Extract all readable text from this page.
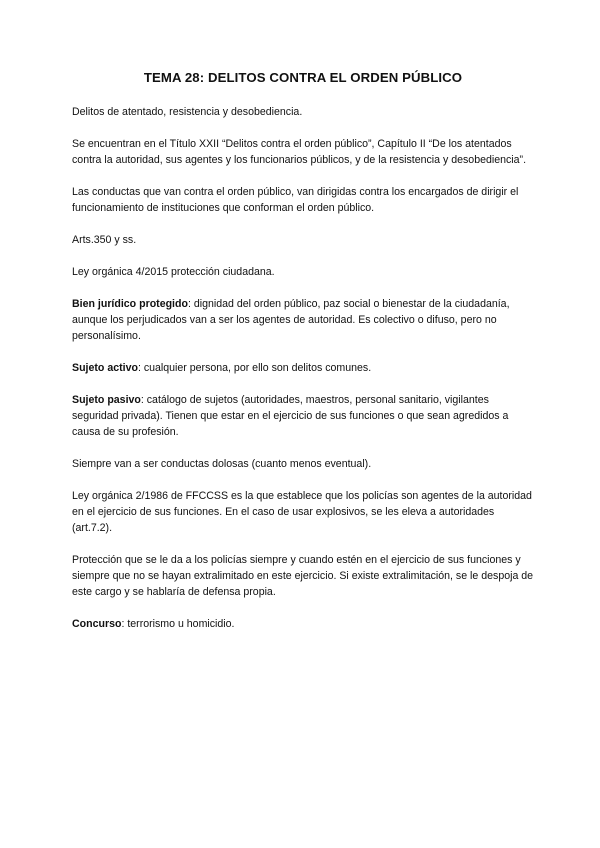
TEMA 28: DELITOS CONTRA EL ORDEN PÚBLICO

Delitos de atentado, resistencia y desobediencia.

Se encuentran en el Título XXII “Delitos contra el orden público”, Capítulo II “De los atentados contra la autoridad, sus agentes y los funcionarios públicos, y de la resistencia y desobediencia”.

Las conductas que van contra el orden público, van dirigidas contra los encargados de dirigir el funcionamiento de instituciones que conforman el orden público.

Arts.350 y ss.

Ley orgánica 4/2015 protección ciudadana.

Bien jurídico protegido: dignidad del orden público, paz social o bienestar de la ciudadanía, aunque los perjudicados van a ser los agentes de autoridad. Es colectivo o difuso, pero no personalísimo.

Sujeto activo: cualquier persona, por ello son delitos comunes.

Sujeto pasivo: catálogo de sujetos (autoridades, maestros, personal sanitario, vigilantes seguridad privada). Tienen que estar en el ejercicio de sus funciones o que sean agredidos a causa de su profesión.

Siempre van a ser conductas dolosas (cuanto menos eventual).

Ley orgánica 2/1986 de FFCCSS es la que establece que los policías son agentes de la autoridad en el ejercicio de sus funciones. En el caso de usar explosivos, se les eleva a autoridades (art.7.2).

Protección que se le da a los policías siempre y cuando estén en el ejercicio de sus funciones y siempre que no se hayan extralimitado en este ejercicio. Si existe extralimitación, se le despoja de este cargo y se hablaría de defensa propia.

Concurso: terrorismo u homicidio.
